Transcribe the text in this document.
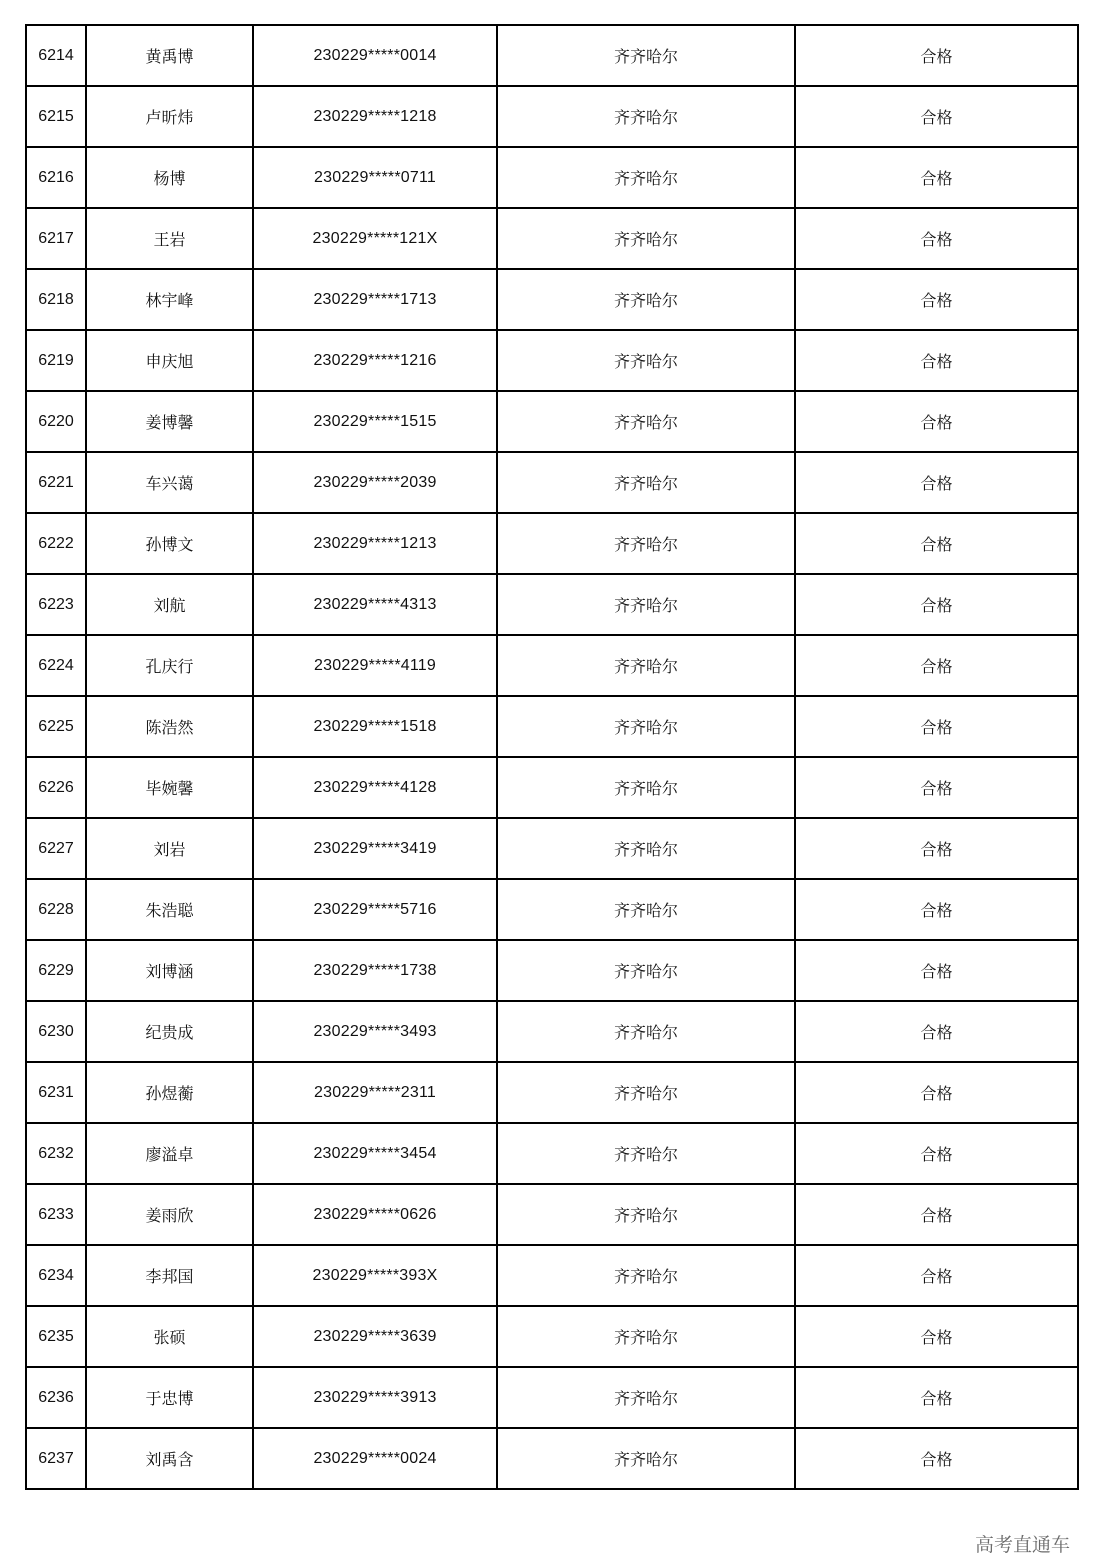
6214	黄禹博	230229*****0014	齐齐哈尔	合格
6215	卢昕炜	230229*****1218	齐齐哈尔	合格
6216	杨博	230229*****0711	齐齐哈尔	合格
6217	王岩	230229*****121X	齐齐哈尔	合格
6218	林宇峰	230229*****1713	齐齐哈尔	合格
6219	申庆旭	230229*****1216	齐齐哈尔	合格
6220	姜博馨	230229*****1515	齐齐哈尔	合格
6221	车兴蔼	230229*****2039	齐齐哈尔	合格
6222	孙博文	230229*****1213	齐齐哈尔	合格
6223	刘航	230229*****4313	齐齐哈尔	合格
6224	孔庆行	230229*****4119	齐齐哈尔	合格
6225	陈浩然	230229*****1518	齐齐哈尔	合格
6226	毕婉馨	230229*****4128	齐齐哈尔	合格
6227	刘岩	230229*****3419	齐齐哈尔	合格
6228	朱浩聪	230229*****5716	齐齐哈尔	合格
6229	刘博涵	230229*****1738	齐齐哈尔	合格
6230	纪贵成	230229*****3493	齐齐哈尔	合格
6231	孙煜蘅	230229*****2311	齐齐哈尔	合格
6232	廖溢卓	230229*****3454	齐齐哈尔	合格
6233	姜雨欣	230229*****0626	齐齐哈尔	合格
6234	李邦国	230229*****393X	齐齐哈尔	合格
6235	张硕	230229*****3639	齐齐哈尔	合格
6236	于忠博	230229*****3913	齐齐哈尔	合格
6237	刘禹含	230229*****0024	齐齐哈尔	合格
高考直通车
